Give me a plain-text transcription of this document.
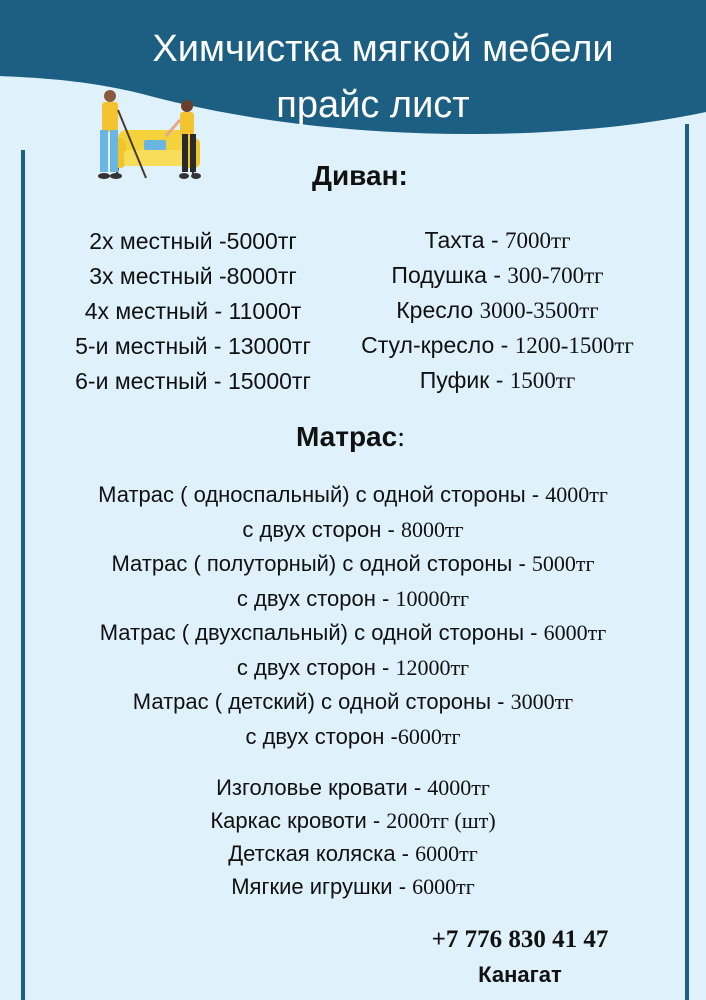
Химчистка мягкой мебели
прайс лист
Диван:
2х местный -5000тг
3х местный -8000тг
4х местный - 11000т
5-и местный - 13000тг
6-и местный - 15000тг
Тахта - 7000тг
Подушка - 300-700тг
Кресло 3000-3500тг
Стул-кресло - 1200-1500тг
Пуфик - 1500тг
Матрас:
Матрас ( односпальный) с одной стороны - 4000тг
с двух сторон - 8000тг
Матрас ( полуторный) с одной стороны - 5000тг
с двух сторон - 10000тг
Матрас ( двухспальный) с одной стороны - 6000тг
с двух сторон - 12000тг
Матрас ( детский) с одной стороны - 3000тг
с двух сторон -6000тг
Изголовье кровати - 4000тг
Каркас кровоти - 2000тг (шт)
Детская коляска - 6000тг
Мягкие игрушки - 6000тг
+7 776 830 41 47
Канагат
